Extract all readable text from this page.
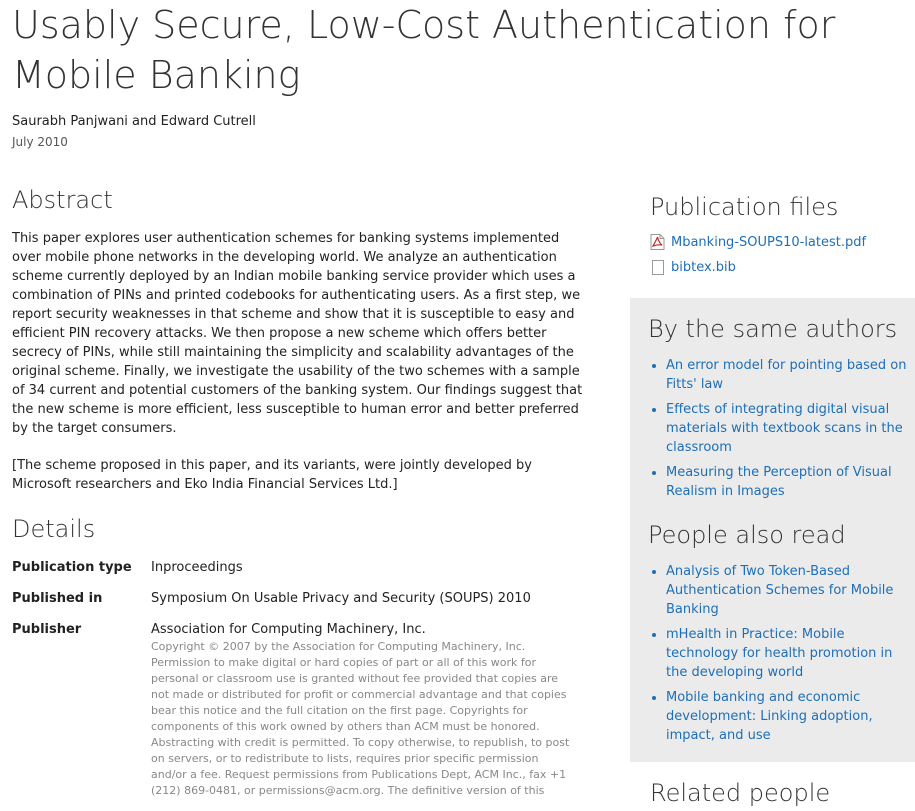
Usably Secure, Low-Cost Authentication for Mobile Banking
Saurabh Panjwani and Edward Cutrell
July 2010
Abstract

This paper explores user authentication schemes for banking systems implemented over mobile phone networks in the developing world. We analyze an authentication scheme currently deployed by an Indian mobile banking service provider which uses a combination of PINs and printed codebooks for authenticating users. As a first step, we report security weaknesses in that scheme and show that it is susceptible to easy and efficient PIN recovery attacks. We then propose a new scheme which offers better secrecy of PINs, while still maintaining the simplicity and scalability advantages of the original scheme. Finally, we investigate the usability of the two schemes with a sample of 34 current and potential customers of the banking system. Our findings suggest that the new scheme is more efficient, less susceptible to human error and better preferred by the target consumers.

[The scheme proposed in this paper, and its variants, were jointly developed by Microsoft researchers and Eko India Financial Services Ltd.]

Details
Publication type	Inproceedings
Published in	Symposium On Usable Privacy and Security (SOUPS) 2010
Publisher	Association for Computing Machinery, Inc.
Copyright © 2007 by the Association for Computing Machinery, Inc. Permission to make digital or hard copies of part or all of this work for personal or classroom use is granted without fee provided that copies are not made or distributed for profit or commercial advantage and that copies bear this notice and the full citation on the first page. Copyrights for components of this work owned by others than ACM must be honored. Abstracting with credit is permitted. To copy otherwise, to republish, to post on servers, or to redistribute to lists, requires prior specific permission and/or a fee. Request permissions from Publications Dept, ACM Inc., fax +1 (212) 869-0481, or permissions@acm.org. The definitive version of this
Publication files
Mbanking-SOUPS10-latest.pdf
bibtex.bib
By the same authors
• An error model for pointing based on Fitts' law
• Effects of integrating digital visual materials with textbook scans in the classroom
• Measuring the Perception of Visual Realism in Images
People also read
• Analysis of Two Token-Based Authentication Schemes for Mobile Banking
• mHealth in Practice: Mobile technology for health promotion in the developing world
• Mobile banking and economic development: Linking adoption, impact, and use
Related people
